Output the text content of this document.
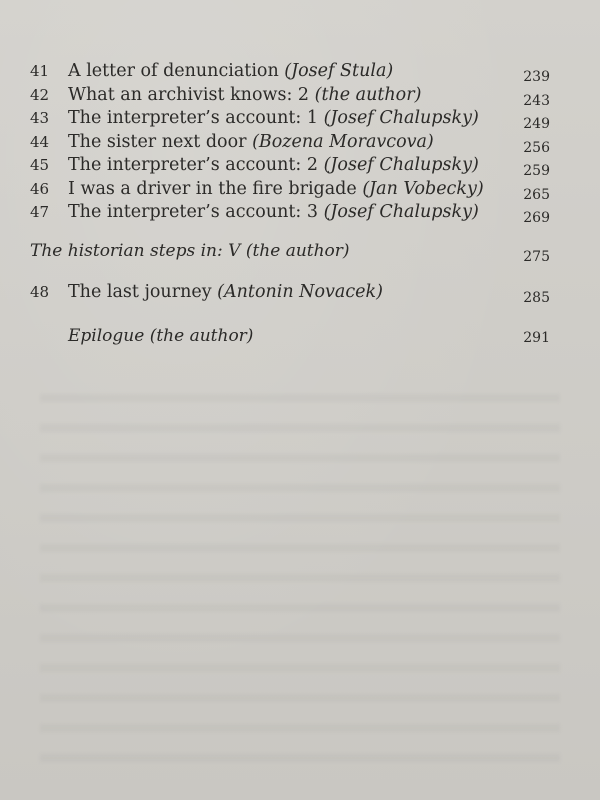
41	A letter of denunciation (Josef Stula)	239
42	What an archivist knows: 2 (the author)	243
43	The interpreter’s account: 1 (Josef Chalupsky)	249
44	The sister next door (Bozena Moravcova)	256
45	The interpreter’s account: 2 (Josef Chalupsky)	259
46	I was a driver in the fire brigade (Jan Vobecky)	265
47	The interpreter’s account: 3 (Josef Chalupsky)	269
The historian steps in: V (the author)	275
48	The last journey (Antonin Novacek)	285
Epilogue (the author)	291
